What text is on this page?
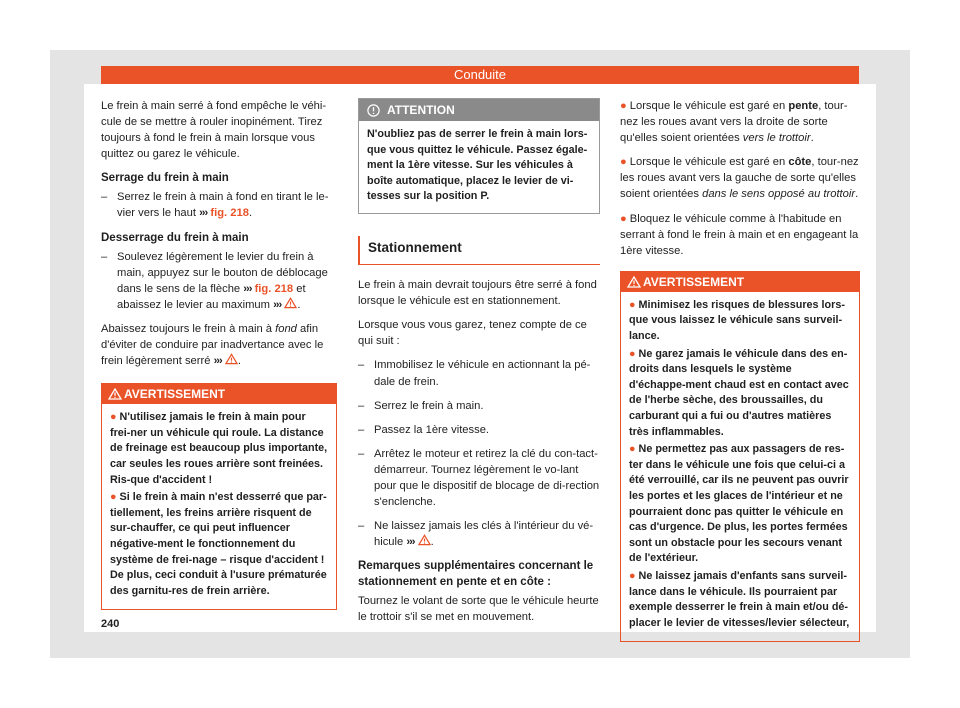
Conduite

Le frein à main serré à fond empêche le véhi-cule de se mettre à rouler inopinément. Tirez toujours à fond le frein à main lorsque vous quittez ou garez le véhicule.

Serrage du frein à main
– Serrez le frein à main à fond en tirant le le-vier vers le haut ››› fig. 218.
Desserrage du frein à main
– Soulevez légèrement le levier du frein à main, appuyez sur le bouton de déblocage dans le sens de la flèche ››› fig. 218 et abaissez le levier au maximum ››› .

Abaissez toujours le frein à main à fond afin d'éviter de conduire par inadvertance avec le frein légèrement serré ››› .

AVERTISSEMENT
● N'utilisez jamais le frein à main pour frei-ner un véhicule qui roule. La distance de freinage est beaucoup plus importante, car seules les roues arrière sont freinées. Ris-que d'accident !
● Si le frein à main n'est desserré que par-tiellement, les freins arrière risquent de sur-chauffer, ce qui peut influencer négative-ment le fonctionnement du système de frei-nage – risque d'accident ! De plus, ceci conduit à l'usure prématurée des garnitu-res de frein arrière.
ATTENTION
N'oubliez pas de serrer le frein à main lors-que vous quittez le véhicule. Passez égale-ment la 1ère vitesse. Sur les véhicules à boîte automatique, placez le levier de vi-tesses sur la position P.
Stationnement

Le frein à main devrait toujours être serré à fond lorsque le véhicule est en stationnement.

Lorsque vous vous garez, tenez compte de ce qui suit :

– Immobilisez le véhicule en actionnant la pé-dale de frein.
– Serrez le frein à main.
– Passez la 1ère vitesse.
– Arrêtez le moteur et retirez la clé du con-tact-démarreur. Tournez légèrement le vo-lant pour que le dispositif de blocage de di-rection s'enclenche.
– Ne laissez jamais les clés à l'intérieur du vé-hicule ››› .
Remarques supplémentaires concernant le stationnement en pente et en côte :

Tournez le volant de sorte que le véhicule heurte le trottoir s'il se met en mouvement.

● Lorsque le véhicule est garé en pente, tour-nez les roues avant vers la droite de sorte qu'elles soient orientées vers le trottoir.

● Lorsque le véhicule est garé en côte, tour-nez les roues avant vers la gauche de sorte qu'elles soient orientées dans le sens opposé au trottoir.

● Bloquez le véhicule comme à l'habitude en serrant à fond le frein à main et en engageant la 1ère vitesse.

AVERTISSEMENT
● Minimisez les risques de blessures lors-que vous laissez le véhicule sans surveil-lance.
● Ne garez jamais le véhicule dans des en-droits dans lesquels le système d'échappe-ment chaud est en contact avec de l'herbe sèche, des broussailles, du carburant qui a fui ou d'autres matières très inflammables.
● Ne permettez pas aux passagers de res-ter dans le véhicule une fois que celui-ci a été verrouillé, car ils ne peuvent pas ouvrir les portes et les glaces de l'intérieur et ne pourraient donc pas quitter le véhicule en cas d'urgence. De plus, les portes fermées sont un obstacle pour les secours venant de l'extérieur.
● Ne laissez jamais d'enfants sans surveil-lance dans le véhicule. Ils pourraient par exemple desserrer le frein à main et/ou dé-placer le levier de vitesses/levier sélecteur,
240
